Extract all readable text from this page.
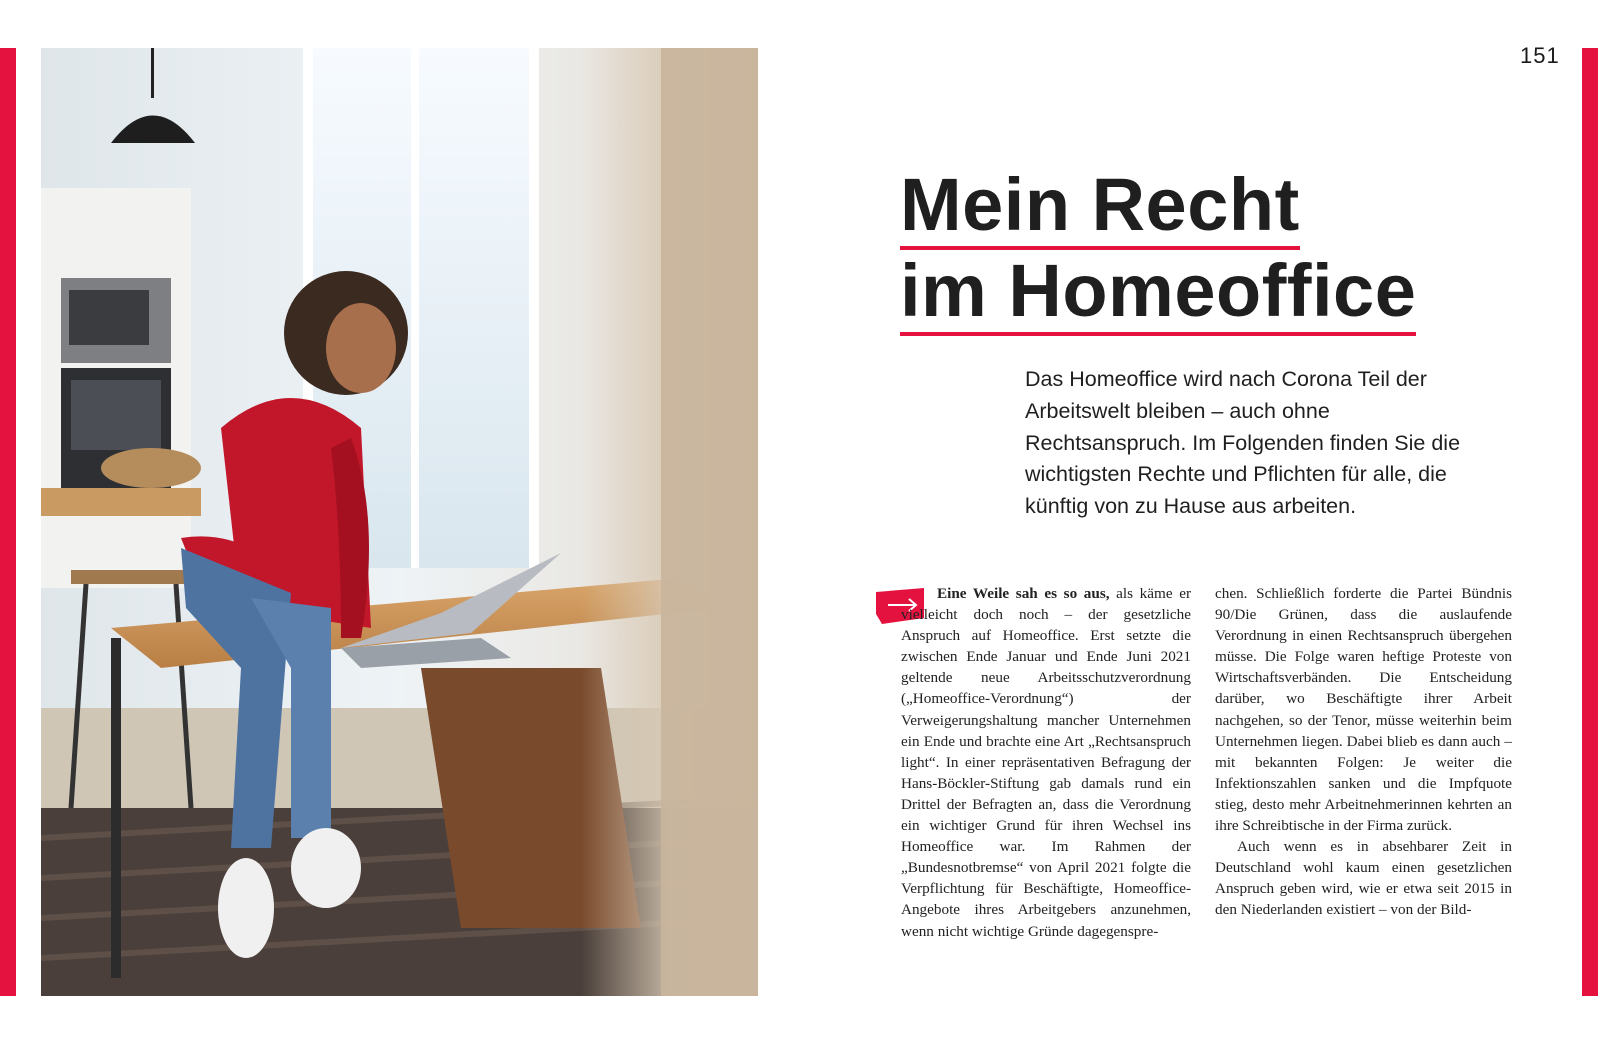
151
Mein Recht
im Homeoffice
Das Homeoffice wird nach Corona Teil der Arbeitswelt bleiben – auch ohne Rechtsanspruch. Im Folgenden finden Sie die wichtigsten Rechte und Pflichten für alle, die künftig von zu Hause aus arbeiten.

Eine Weile sah es so aus, als käme er vielleicht doch noch – der gesetzliche Anspruch auf Homeoffice. Erst setzte die zwischen Ende Januar und Ende Juni 2021 geltende neue Arbeitsschutzverordnung („Homeoffice-Verordnung“) der Verweigerungshaltung mancher Unternehmen ein Ende und brachte eine Art „Rechtsanspruch light“. In einer repräsentativen Befragung der Hans-Böckler-Stiftung gab damals rund ein Drittel der Befragten an, dass die Verordnung ein wichtiger Grund für ihren Wechsel ins Homeoffice war. Im Rahmen der „Bundesnotbremse“ von April 2021 folgte die Verpflichtung für Beschäftigte, Homeoffice-Angebote ihres Arbeitgebers anzunehmen, wenn nicht wichtige Gründe dagegenspre-

chen. Schließlich forderte die Partei Bündnis 90/Die Grünen, dass die auslaufende Verordnung in einen Rechtsanspruch übergehen müsse. Die Folge waren heftige Proteste von Wirtschaftsverbänden. Die Entscheidung darüber, wo Beschäftigte ihrer Arbeit nachgehen, so der Tenor, müsse weiterhin beim Unternehmen liegen. Dabei blieb es dann auch – mit bekannten Folgen: Je weiter die Infektionszahlen sanken und die Impfquote stieg, desto mehr Arbeitnehmerinnen kehrten an ihre Schreibtische in der Firma zurück.

Auch wenn es in absehbarer Zeit in Deutschland wohl kaum einen gesetzlichen Anspruch geben wird, wie er etwa seit 2015 in den Niederlanden existiert – von der Bild-
